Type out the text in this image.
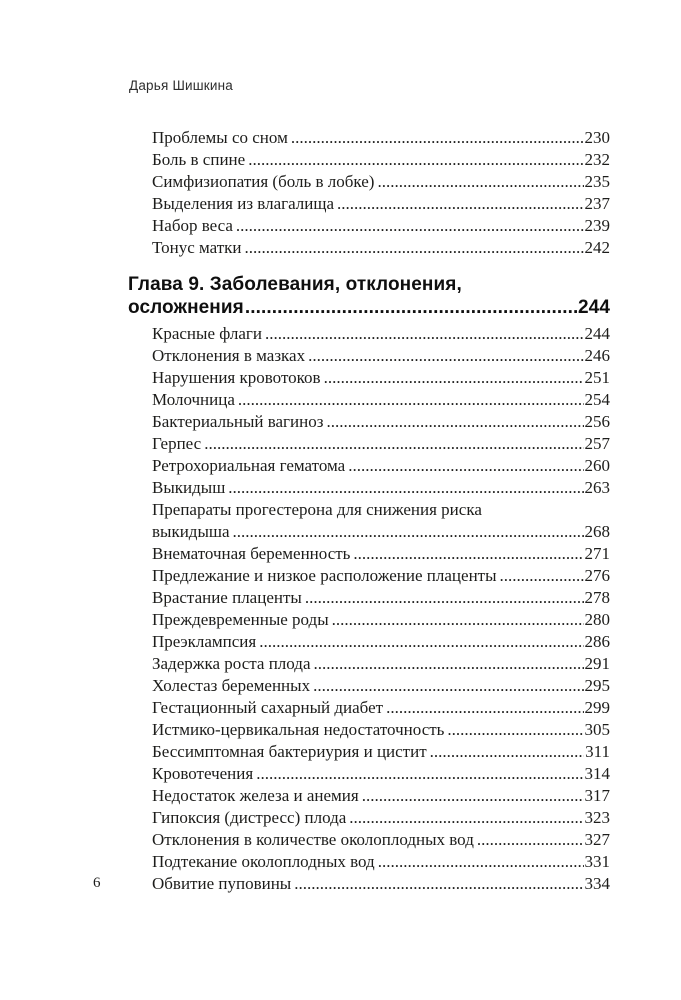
Дарья Шишкина
Проблемы со сном .....	230
Боль в спине .....	232
Симфизиопатия (боль в лобке) .....	235
Выделения из влагалища .....	237
Набор веса .....	239
Тонус матки .....	242
Глава 9. Заболевания, отклонения,
осложнения .....	244
Красные флаги .....	244
Отклонения в мазках .....	246
Нарушения кровотоков .....	251
Молочница .....	254
Бактериальный вагиноз .....	256
Герпес .....	257
Ретрохориальная гематома .....	260
Выкидыш .....	263
Препараты прогестерона для снижения риска
выкидыша .....	268
Внематочная беременность .....	271
Предлежание и низкое расположение плаценты .....	276
Врастание плаценты .....	278
Преждевременные роды .....	280
Преэклампсия .....	286
Задержка роста плода .....	291
Холестаз беременных .....	295
Гестационный сахарный диабет .....	299
Истмико-цервикальная недостаточность .....	305
Бессимптомная бактериурия и цистит .....	311
Кровотечения .....	314
Недостаток железа и анемия .....	317
Гипоксия (дистресс) плода .....	323
Отклонения в количестве околоплодных вод .....	327
Подтекание околоплодных вод .....	331
Обвитие пуповины .....	334
6
